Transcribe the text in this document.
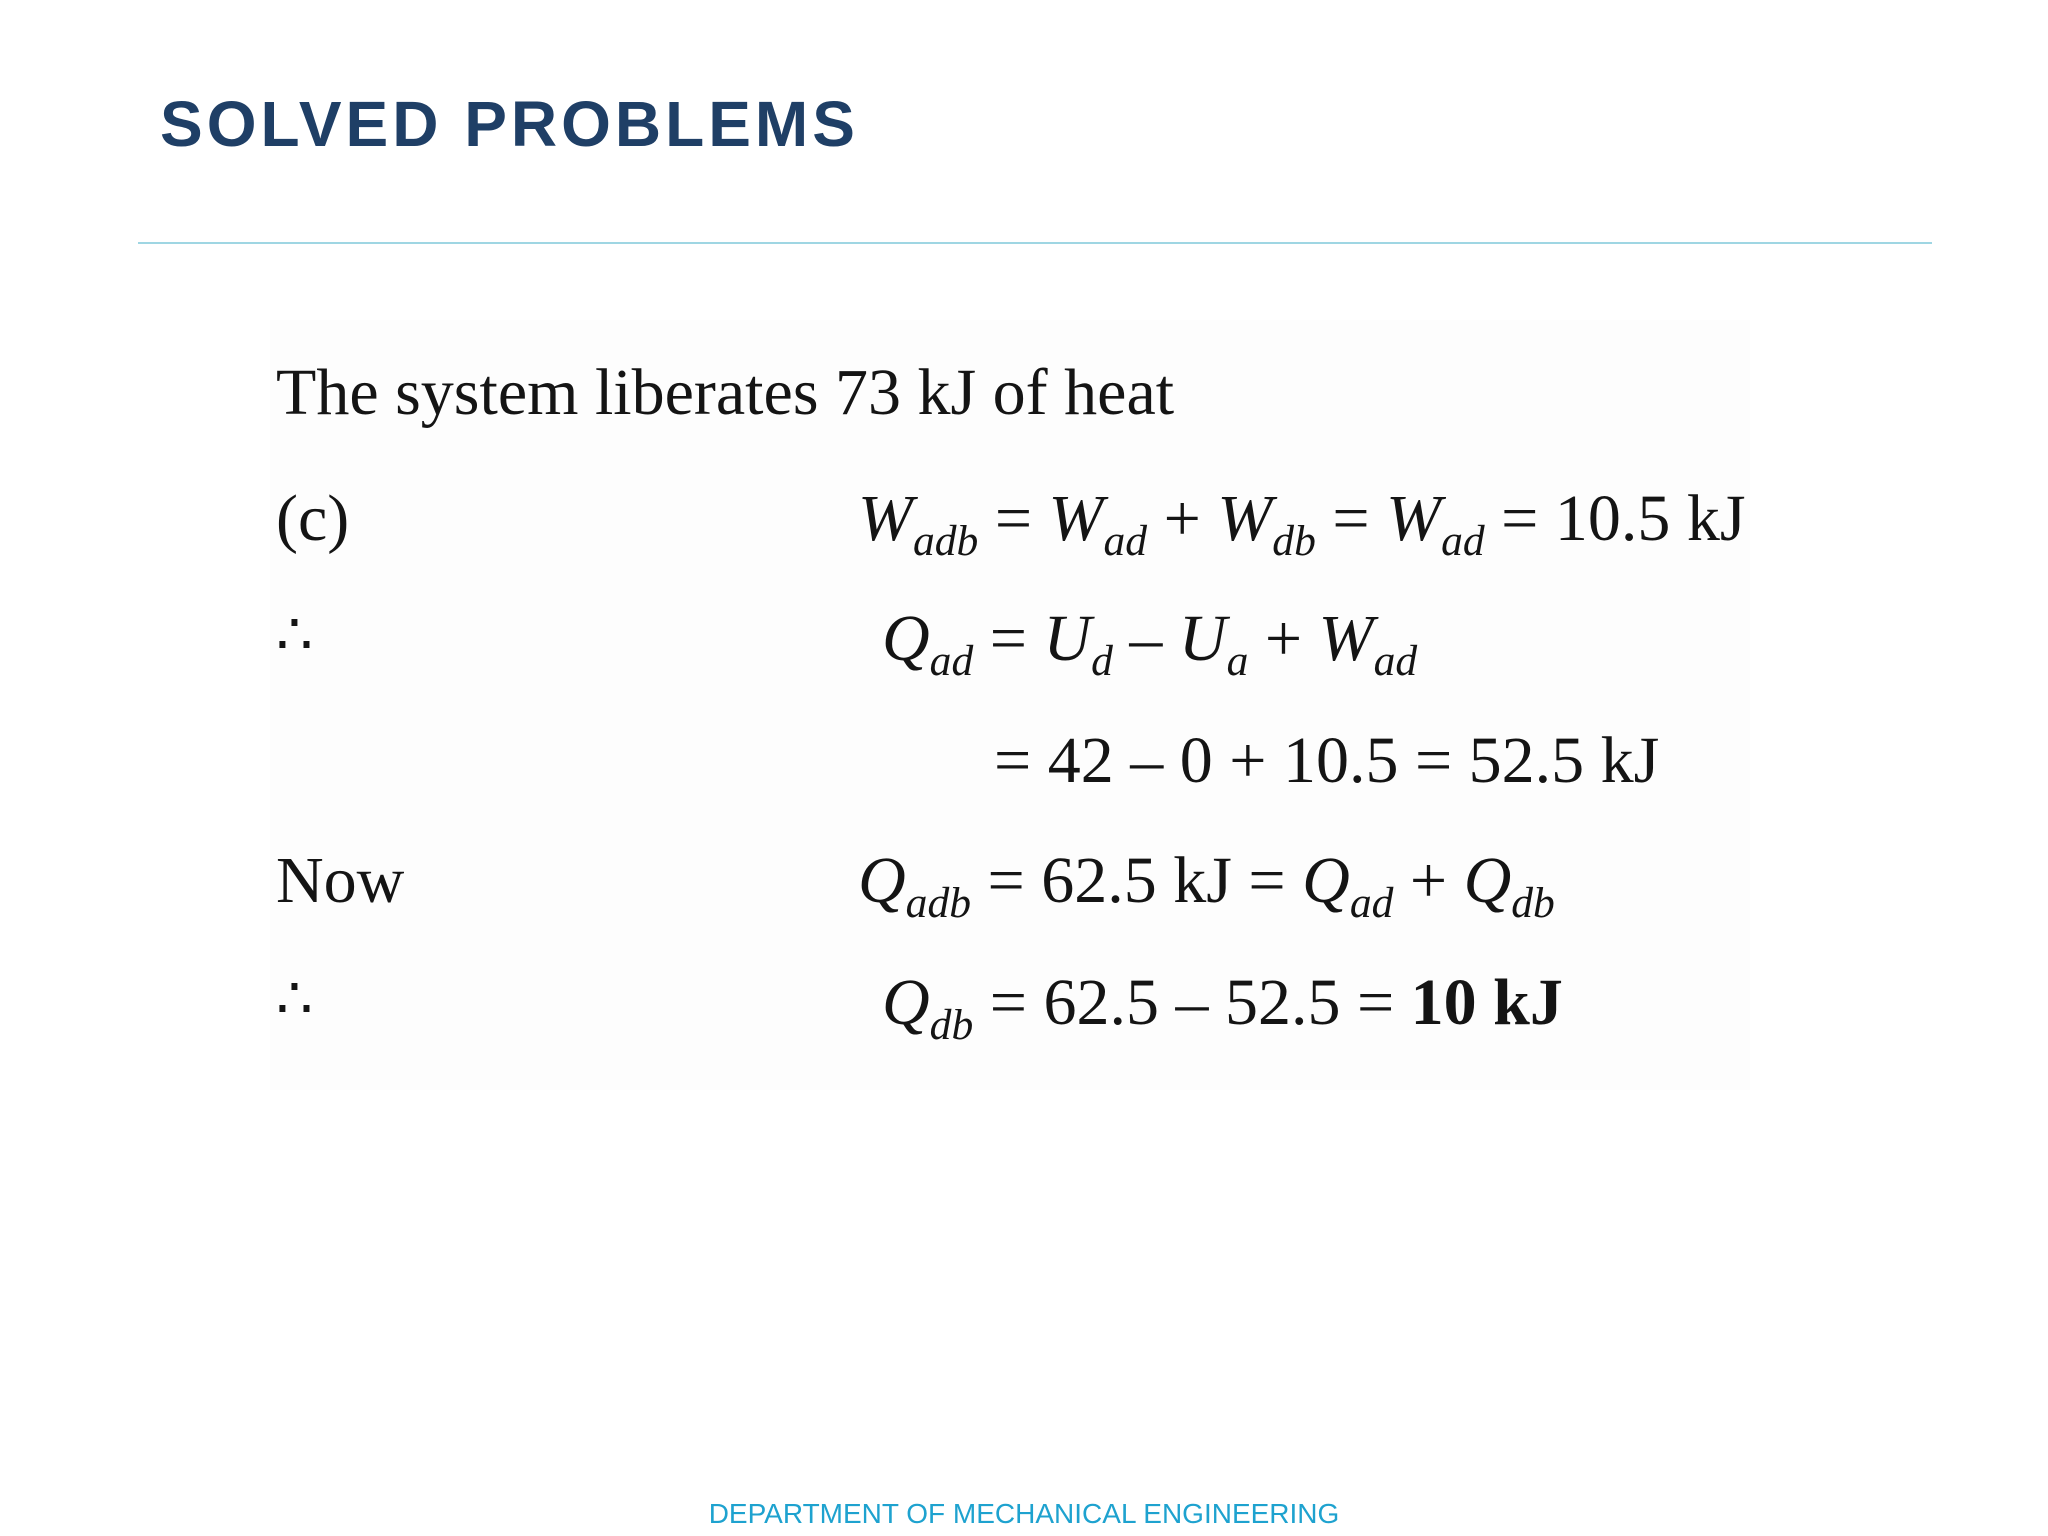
SOLVED PROBLEMS
The system liberates 73 kJ of heat
(c)	$W_{adb} = W_{ad} + W_{db} = W_{ad} = 10.5$ kJ
∴	$Q_{ad} = U_d - U_a + W_{ad}$
= 42 – 0 + 10.5 = 52.5 kJ
Now	$Q_{adb} = 62.5$ kJ = $Q_{ad} + Q_{db}$
∴	$Q_{db} = 62.5 - 52.5 = 10$ kJ
DEPARTMENT OF MECHANICAL ENGINEERING
